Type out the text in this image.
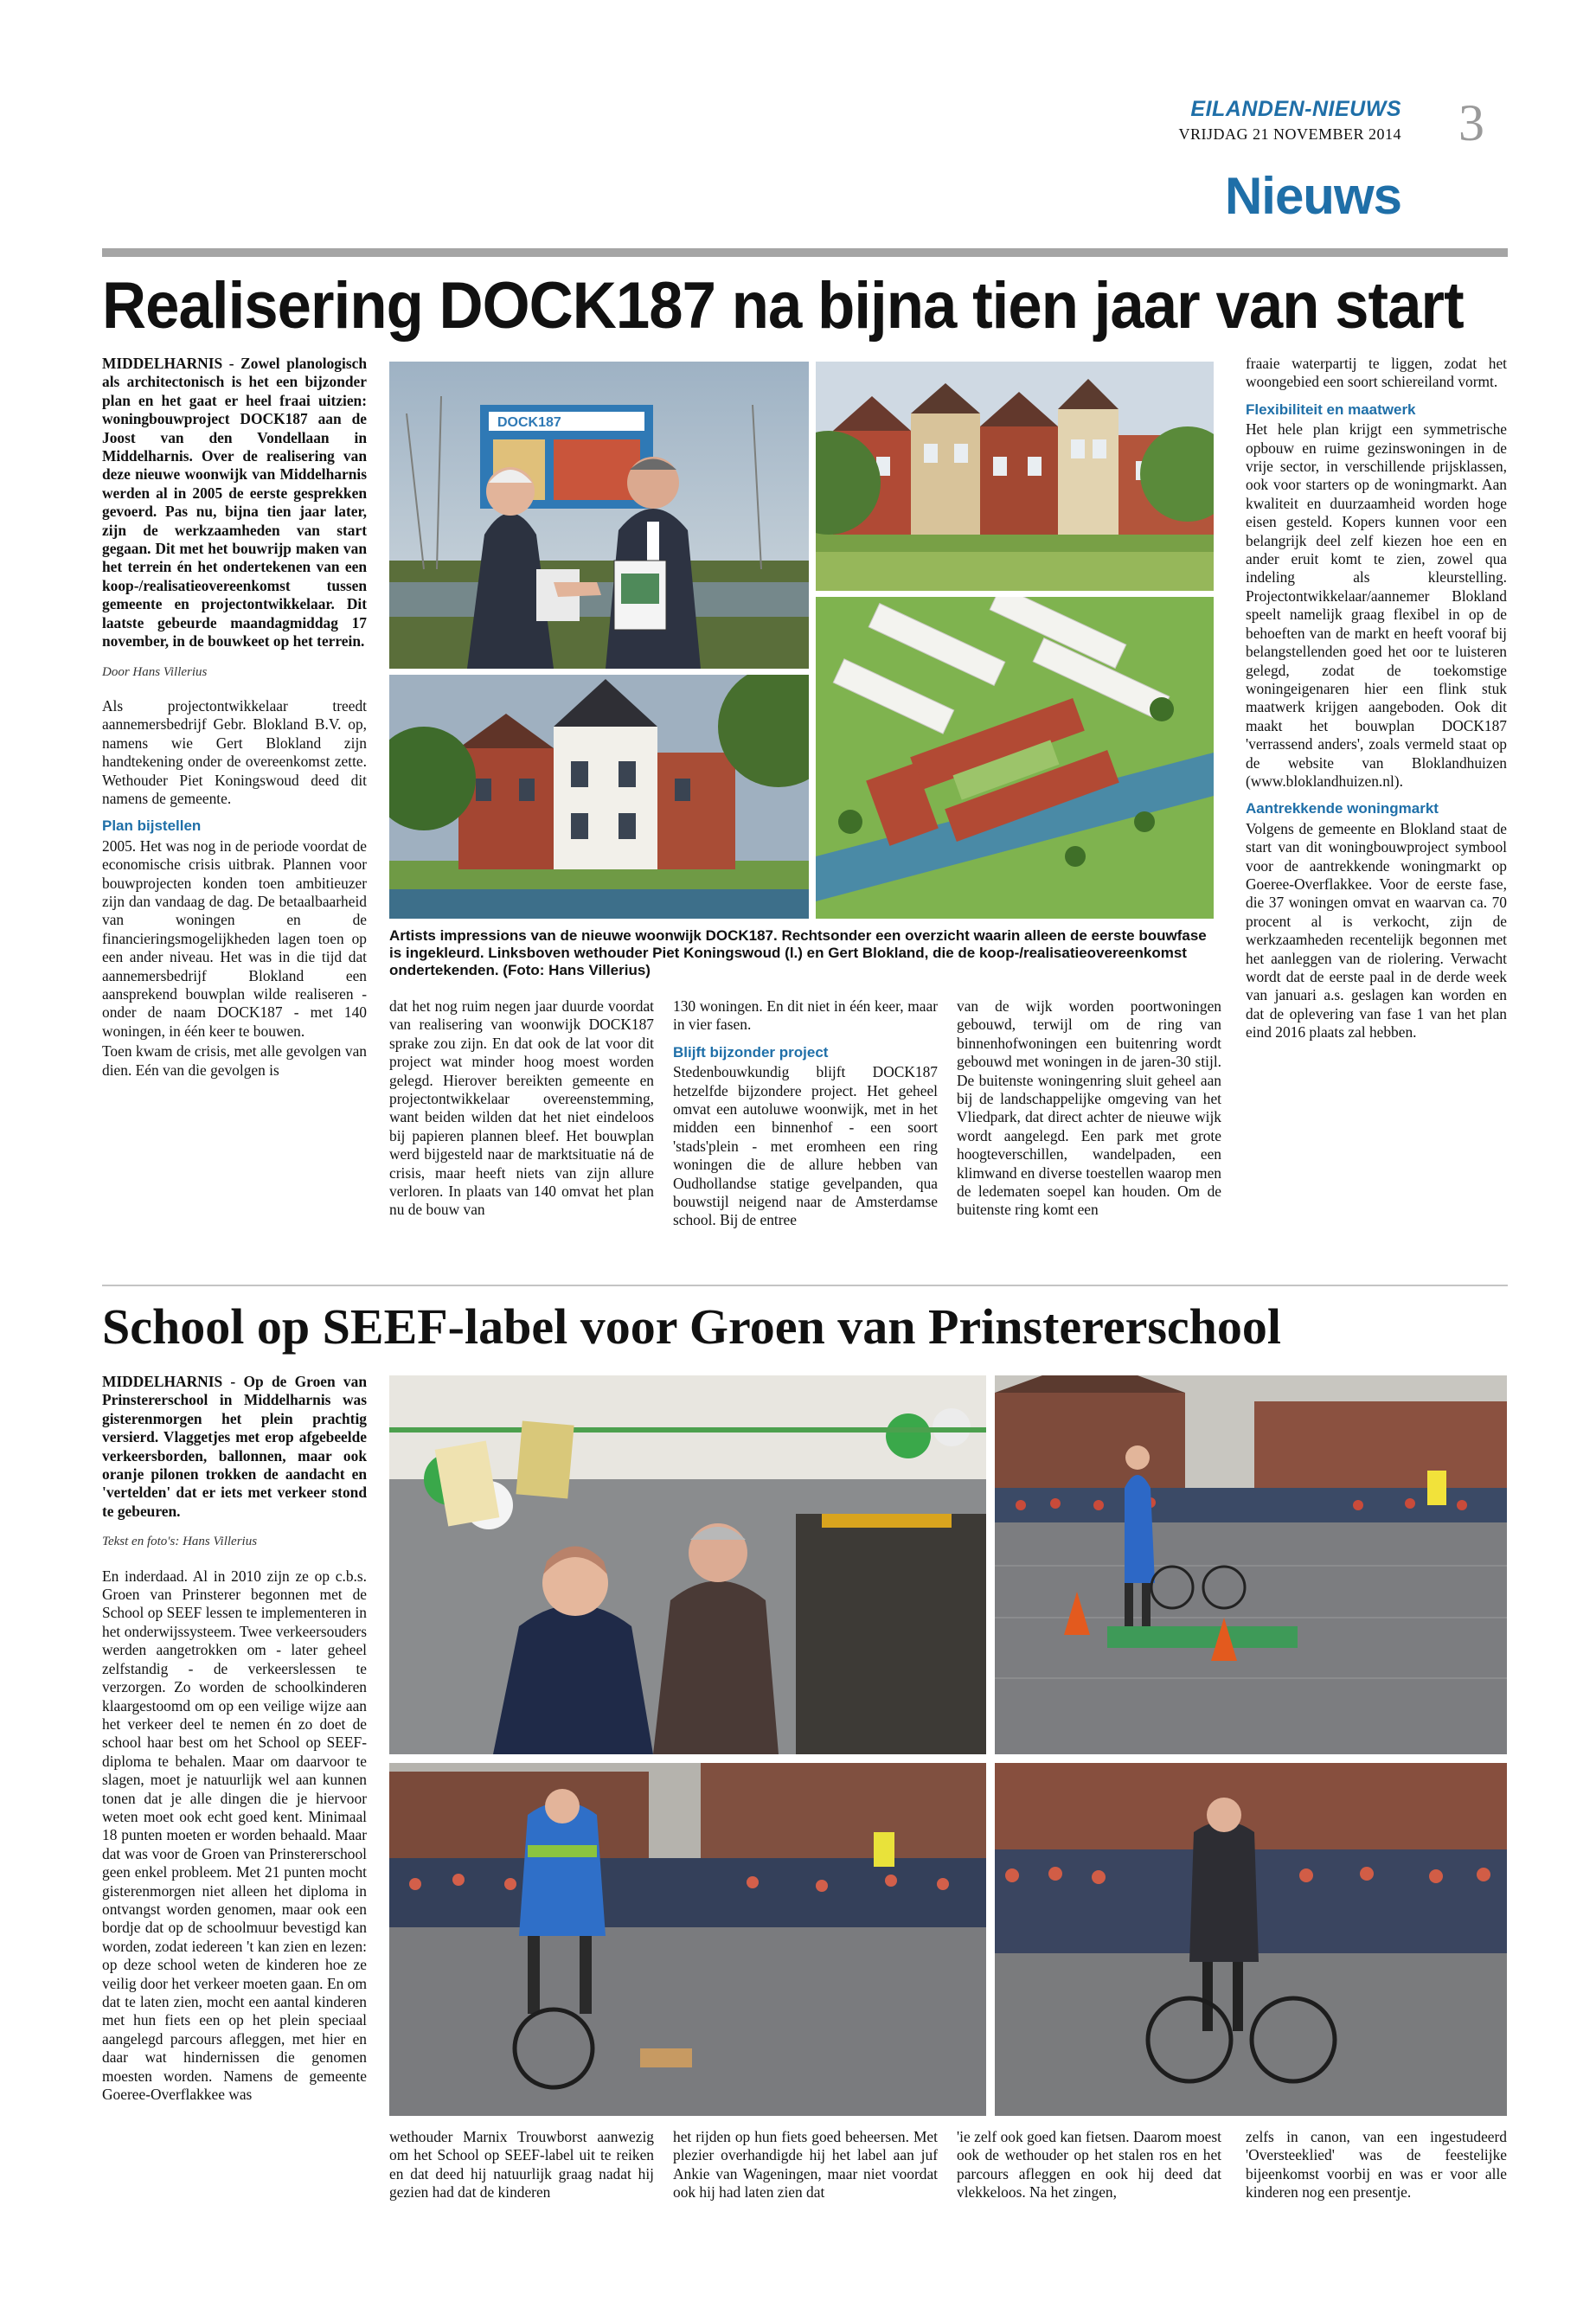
EILANDEN-NIEUWS
VRIJDAG 21 NOVEMBER 2014 3
Nieuws
Realisering DOCK187 na bijna tien jaar van start

MIDDELHARNIS - Zowel planologisch als architectonisch is het een bijzonder plan en het gaat er heel fraai uitzien: woningbouwproject DOCK187 aan de Joost van den Vondellaan in Middelharnis. Over de realisering van deze nieuwe woonwijk van Middelharnis werden al in 2005 de eerste gesprekken gevoerd. Pas nu, bijna tien jaar later, zijn de werkzaamheden van start gegaan. Dit met het bouwrijp maken van het terrein én het ondertekenen van een koop-/realisatieovereenkomst tussen gemeente en projectontwikkelaar. Dit laatste gebeurde maandagmiddag 17 november, in de bouwkeet op het terrein.

Door Hans Villerius

Als projectontwikkelaar treedt aannemersbedrijf Gebr. Blokland B.V. op, namens wie Gert Blokland zijn handtekening onder de overeenkomst zette. Wethouder Piet Koningswoud deed dit namens de gemeente.

Plan bijstellen

2005. Het was nog in de periode voordat de economische crisis uitbrak. Plannen voor bouwprojecten konden toen ambitieuzer zijn dan vandaag de dag. De betaalbaarheid van woningen en de financieringsmogelijkheden lagen toen op een ander niveau. Het was in die tijd dat aannemersbedrijf Blokland een aansprekend bouwplan wilde realiseren - onder de naam DOCK187 - met 140 woningen, in één keer te bouwen.

Toen kwam de crisis, met alle gevolgen van dien. Eén van die gevolgen is

DOCK187
Artists impressions van de nieuwe woonwijk DOCK187. Rechtsonder een overzicht waarin alleen de eerste bouwfase is ingekleurd. Linksboven wethouder Piet Koningswoud (l.) en Gert Blokland, die de koop-/realisatieovereenkomst ondertekenden. (Foto: Hans Villerius)

dat het nog ruim negen jaar duurde voordat van realisering van woonwijk DOCK187 sprake zou zijn. En dat ook de lat voor dit project wat minder hoog moest worden gelegd. Hierover bereikten gemeente en projectontwikkelaar overeenstemming, want beiden wilden dat het niet eindeloos bij papieren plannen bleef. Het bouwplan werd bijgesteld naar de marktsituatie ná de crisis, maar heeft niets van zijn allure verloren. In plaats van 140 omvat het plan nu de bouw van

130 woningen. En dit niet in één keer, maar in vier fasen.

Blijft bijzonder project

Stedenbouwkundig blijft DOCK187 hetzelfde bijzondere project. Het geheel omvat een autoluwe woonwijk, met in het midden een binnenhof - een soort 'stads'plein - met eromheen een ring woningen die de allure hebben van Oudhollandse statige gevelpanden, qua bouwstijl neigend naar de Amsterdamse school. Bij de entree

van de wijk worden poortwoningen gebouwd, terwijl om de ring van binnenhofwoningen een buitenring wordt gebouwd met woningen in de jaren-30 stijl. De buitenste woningenring sluit geheel aan bij de landschappelijke omgeving van het Vliedpark, dat direct achter de nieuwe wijk wordt aangelegd. Een park met grote hoogteverschillen, wandelpaden, een klimwand en diverse toestellen waarop men de ledematen soepel kan houden. Om de buitenste ring komt een

fraaie waterpartij te liggen, zodat het woongebied een soort schiereiland vormt.

Flexibiliteit en maatwerk

Het hele plan krijgt een symmetrische opbouw en ruime gezinswoningen in de vrije sector, in verschillende prijsklassen, ook voor starters op de woningmarkt. Aan kwaliteit en duurzaamheid worden hoge eisen gesteld. Kopers kunnen voor een belangrijk deel zelf kiezen hoe een en ander eruit komt te zien, zowel qua indeling als kleurstelling. Projectontwikkelaar/aannemer Blokland speelt namelijk graag flexibel in op de behoeften van de markt en heeft vooraf bij belangstellenden goed het oor te luisteren gelegd, zodat de toekomstige woningeigenaren hier een flink stuk maatwerk krijgen aangeboden. Ook dit maakt het bouwplan DOCK187 'verrassend anders', zoals vermeld staat op de website van Bloklandhuizen (www.bloklandhuizen.nl).

Aantrekkende woningmarkt

Volgens de gemeente en Blokland staat de start van dit woningbouwproject symbool voor de aantrekkende woningmarkt op Goeree-Overflakkee. Voor de eerste fase, die 37 woningen omvat en waarvan ca. 70 procent al is verkocht, zijn de werkzaamheden recentelijk begonnen met het aanleggen van de riolering. Verwacht wordt dat de eerste paal in de derde week van januari a.s. geslagen kan worden en dat de oplevering van fase 1 van het plan eind 2016 plaats zal hebben.

School op SEEF-label voor Groen van Prinstererschool

MIDDELHARNIS - Op de Groen van Prinstererschool in Middelharnis was gisterenmorgen het plein prachtig versierd. Vlaggetjes met erop afgebeelde verkeersborden, ballonnen, maar ook oranje pilonen trokken de aandacht en 'vertelden' dat er iets met verkeer stond te gebeuren.

Tekst en foto's: Hans Villerius

En inderdaad. Al in 2010 zijn ze op c.b.s. Groen van Prinsterer begonnen met de School op SEEF lessen te implementeren in het onderwijssysteem. Twee verkeersouders werden aangetrokken om - later geheel zelfstandig - de verkeerslessen te verzorgen. Zo worden de schoolkinderen klaargestoomd om op een veilige wijze aan het verkeer deel te nemen én zo doet de school haar best om het School op SEEF-diploma te behalen. Maar om daarvoor te slagen, moet je natuurlijk wel aan kunnen tonen dat je alle dingen die je hiervoor weten moet ook echt goed kent. Minimaal 18 punten moeten er worden behaald. Maar dat was voor de Groen van Prinstererschool geen enkel probleem. Met 21 punten mocht gisterenmorgen niet alleen het diploma in ontvangst worden genomen, maar ook een bordje dat op de schoolmuur bevestigd kan worden, zodat iedereen 't kan zien en lezen: op deze school weten de kinderen hoe ze veilig door het verkeer moeten gaan. En om dat te laten zien, mocht een aantal kinderen met hun fiets een op het plein speciaal aangelegd parcours afleggen, met hier en daar wat hindernissen die genomen moesten worden. Namens de gemeente Goeree-Overflakkee was

wethouder Marnix Trouwborst aanwezig om het School op SEEF-label uit te reiken en dat deed hij natuurlijk graag nadat hij gezien had dat de kinderen

het rijden op hun fiets goed beheersen. Met plezier overhandigde hij het label aan juf Ankie van Wageningen, maar niet voordat ook hij had laten zien dat

'ie zelf ook goed kan fietsen. Daarom moest ook de wethouder op het stalen ros en het parcours afleggen en ook hij deed dat vlekkeloos. Na het zingen,

zelfs in canon, van een ingestudeerd 'Oversteeklied' was de feestelijke bijeenkomst voorbij en was er voor alle kinderen nog een presentje.
